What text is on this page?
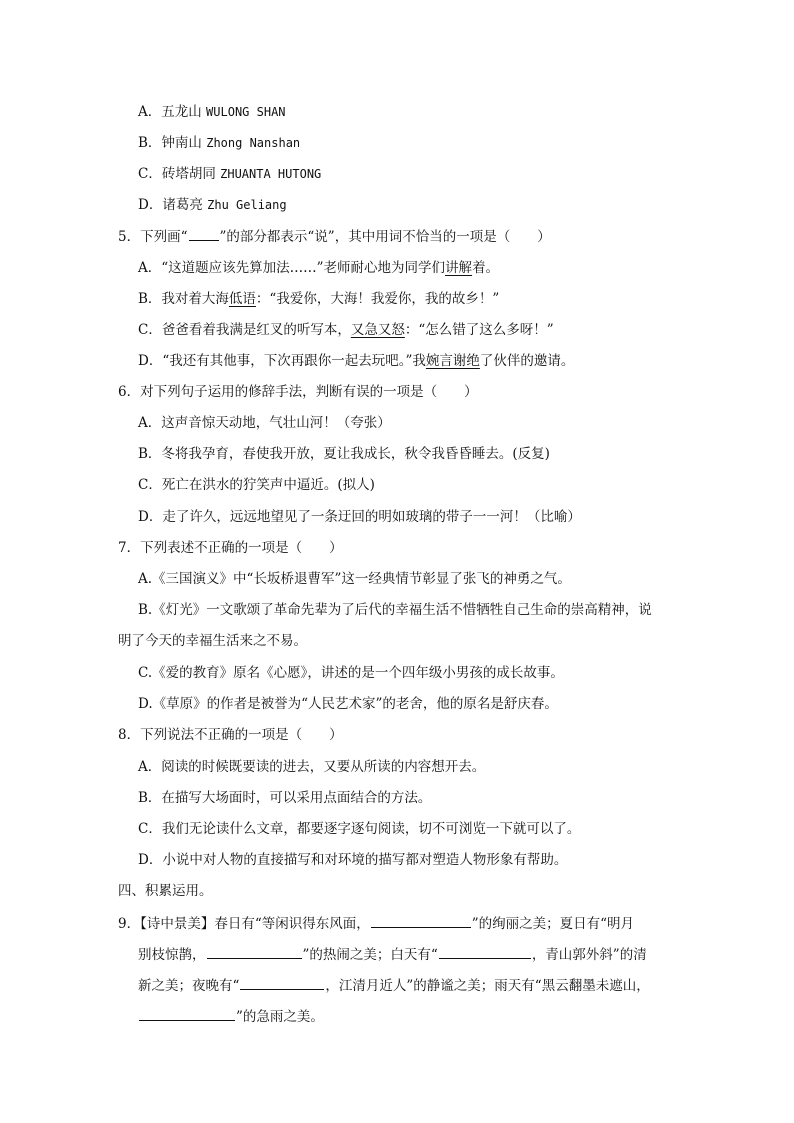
A．五龙山 WULONG SHAN
B．钟南山 Zhong Nanshan
C．砖塔胡同 ZHUANTA HUTONG
D．诸葛亮 Zhu Geliang
5．下列画“ ”的部分都表示“说”，其中用词不恰当的一项是（　　）
A．“这道题应该先算加法……”老师耐心地为同学们讲解着。
B．我对着大海低语：“我爱你，大海！我爱你，我的故乡！”
C．爸爸看着我满是红叉的听写本，又急又怒：“怎么错了这么多呀！”
D．“我还有其他事，下次再跟你一起去玩吧。”我婉言谢绝了伙伴的邀请。
6．对下列句子运用的修辞手法，判断有误的一项是（　　）
A．这声音惊天动地，气壮山河！（夸张）
B．冬将我孕育，春使我开放，夏让我成长，秋令我昏昏睡去。(反复)
C．死亡在洪水的狞笑声中逼近。(拟人)
D．走了许久，远远地望见了一条迂回的明如玻璃的带子一一河！（比喻）
7．下列表述不正确的一项是（　　）
A.《三国演义》中“长坂桥退曹军”这一经典情节彰显了张飞的神勇之气。
B.《灯光》一文歌颂了革命先辈为了后代的幸福生活不惜牺牲自己生命的崇高精神，说
明了今天的幸福生活来之不易。
C.《爱的教育》原名《心愿》，讲述的是一个四年级小男孩的成长故事。
D.《草原》的作者是被誉为“人民艺术家”的老舍，他的原名是舒庆春。
8．下列说法不正确的一项是（　　）
A．阅读的时候既要读的进去，又要从所读的内容想开去。
B．在描写大场面时，可以采用点面结合的方法。
C．我们无论读什么文章，都要逐字逐句阅读，切不可浏览一下就可以了。
D．小说中对人物的直接描写和对环境的描写都对塑造人物形象有帮助。
四、积累运用。
9．【诗中景美】春日有“等闲识得东风面，	”的绚丽之美；夏日有“明月
别枝惊鹊，	”的热闹之美；白天有“	，青山郭外斜”的清
新之美；夜晚有“	，江清月近人”的静谧之美；雨天有“黑云翻墨未遮山，
”的急雨之美。
